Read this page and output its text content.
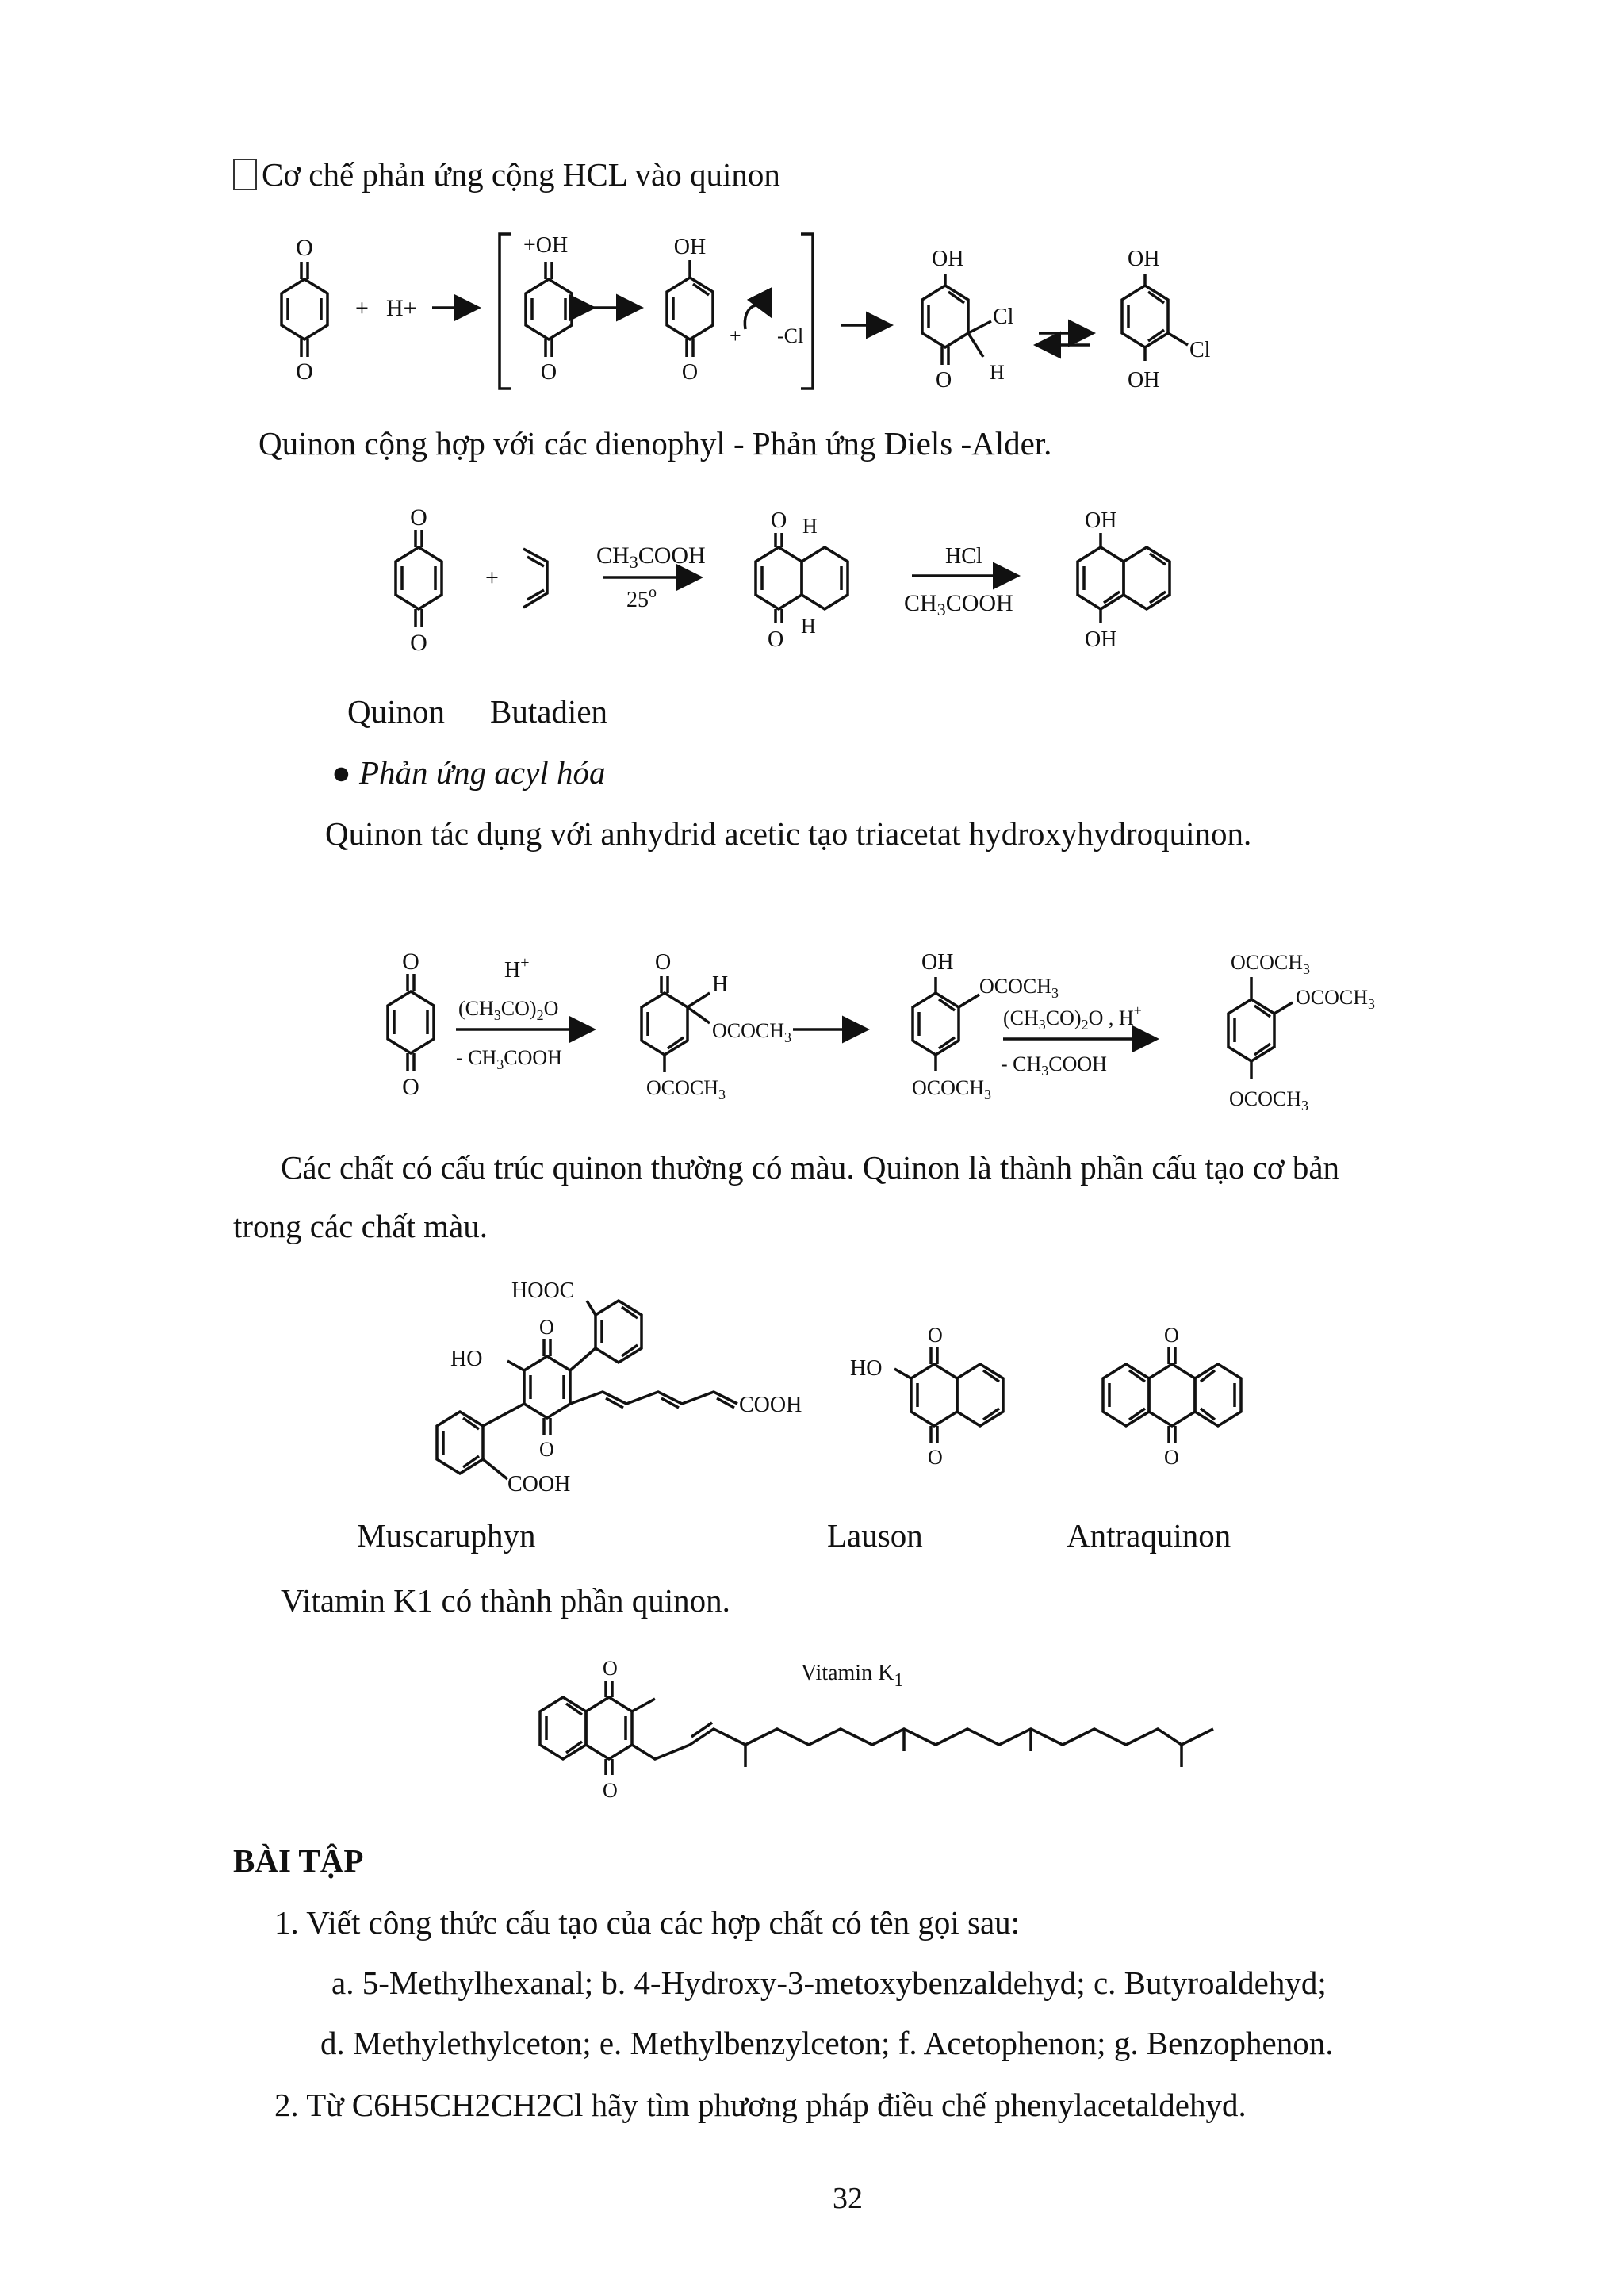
Cơ chế phản ứng cộng HCL vào quinon
O
O
+ H+
+OH
O
OH
O
+ -Cl
OH
Cl
H
O
OH
Cl
OH
Quinon cộng hợp với các dienophyl - Phản ứng Diels -Alder.
O
O
+
$CH_3COOH$
25$^o$
O H
H
O
HCl
$CH_3COOH$
OH
OH
Quinon Butadien
● Phản ứng acyl hóa
Quinon tác dụng với anhydrid acetic tạo triacetat hydroxyhydroquinon.
O
O
H+
$(CH_3CO)_2O$
- $CH_3COOH$
O
H
$OCOCH_3$
$OCOCH_3$
OH
$OCOCH_3$
$OCOCH_3$
$(CH_3CO)_2O$ , H+
- $CH_3COOH$
$OCOCH_3$
$OCOCH_3$
$OCOCH_3$
Các chất có cấu trúc quinon thường có màu. Quinon là thành phần cấu tạo cơ bản
trong các chất màu.
HOOC
O
O
HO
COOH
COOH
O
O
HO
O
O
Muscaruphyn	Lauson	Antraquinon
Vitamin K1 có thành phần quinon.
Vitamin K1
O
O
BÀI TẬP
1. Viết công thức cấu tạo của các hợp chất có tên gọi sau:
a. 5-Methylhexanal; b. 4-Hydroxy-3-metoxybenzaldehyd; c. Butyroaldehyd;
d. Methylethylceton; e. Methylbenzylceton; f. Acetophenon; g. Benzophenon.
2. Từ C6H5CH2CH2Cl hãy tìm phương pháp điều chế phenylacetaldehyd.
32
